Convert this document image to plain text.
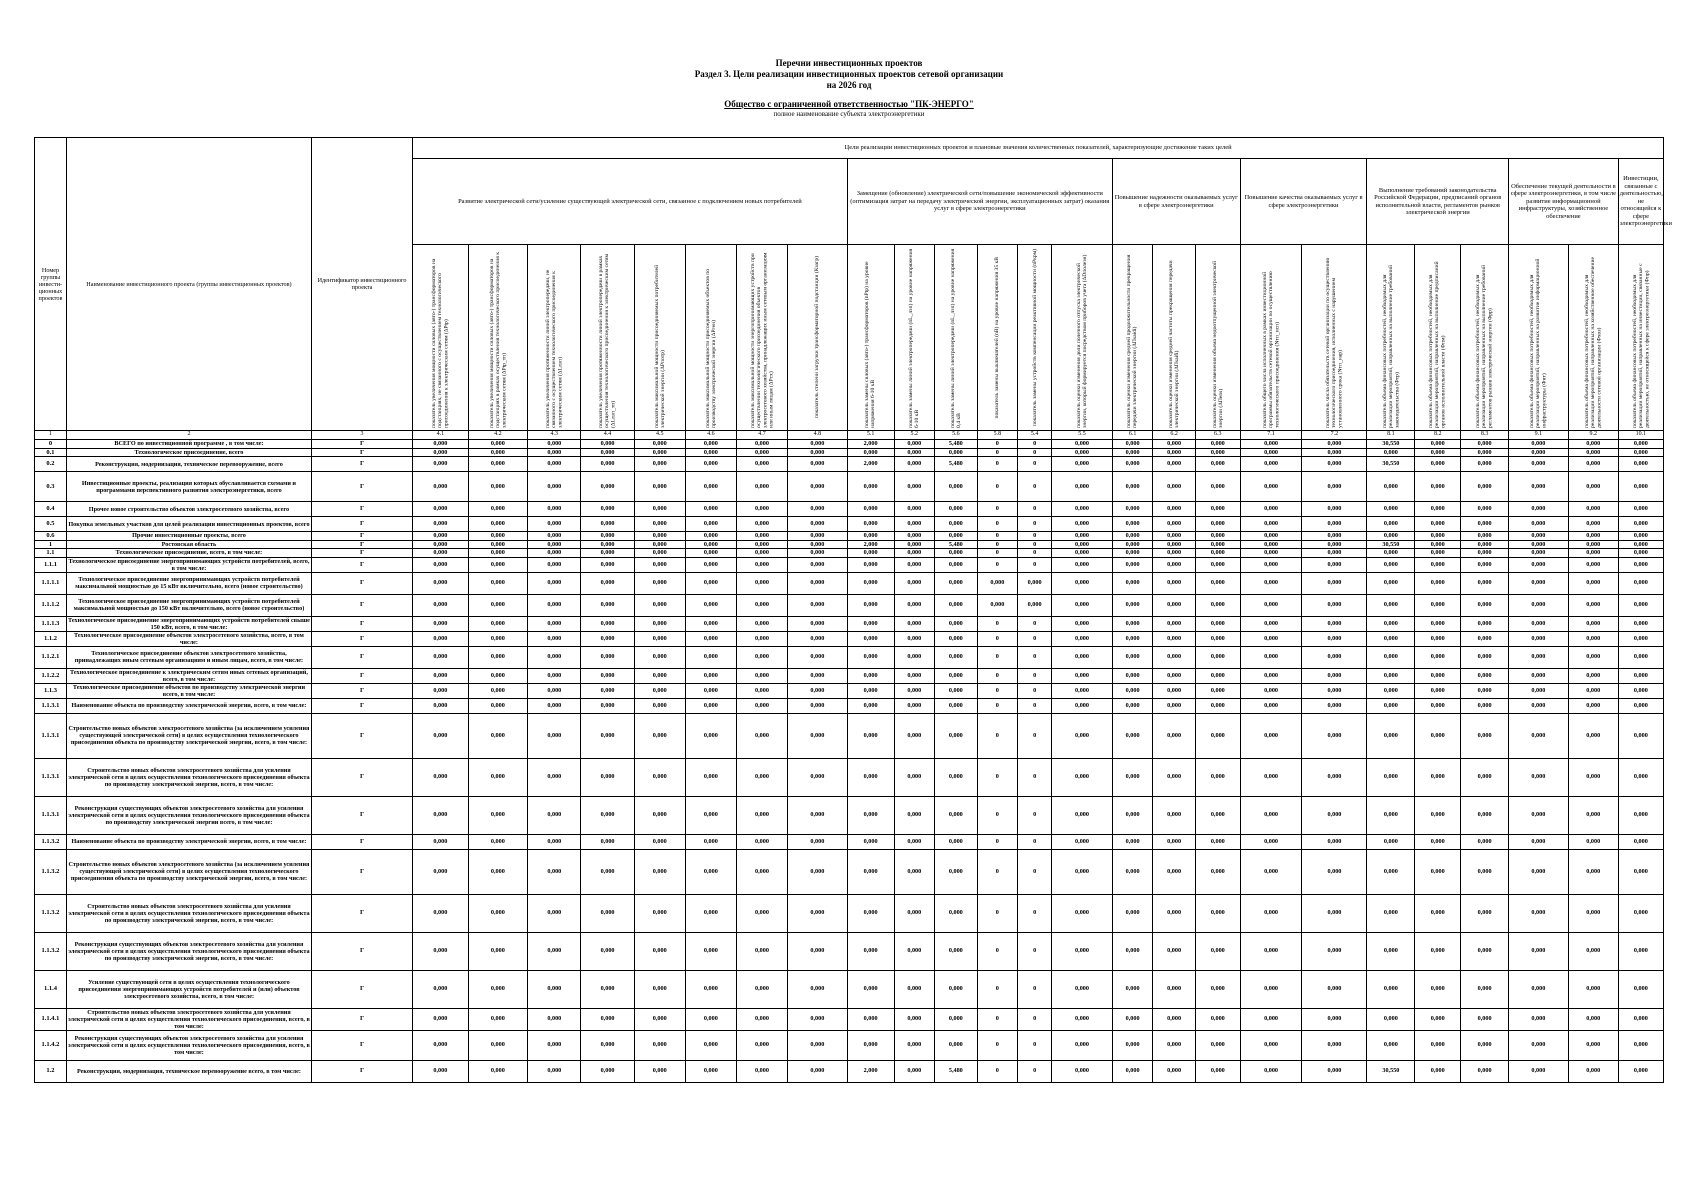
Перечни инвестиционных проектов
Раздел 3. Цели реализации инвестиционных проектов сетевой организации
на 2026 год
Общество с ограниченной ответственностью "ПК-ЭНЕРГО"
полное наименование субъекта электроэнергетики
Номер группы инвести-ционных проектов	Наименование инвестиционного проекта (группы инвестиционных проектов)	Идентификатор инвестиционного проекта	Цели реализации инвестиционных проектов и плановые значения количественных показателей, характеризующие достижение таких целей																								
			Развитие электрической сети/усиление существующей электрической сети, связанное с подключением новых потребителей								Замещение (обновление) электрической сети/повышение экономической эффективности (оптимизация затрат на передачу электрической энергии, эксплуатационных затрат) оказания услуг в сфере электроэнергетики						Повышение надежности оказываемых услуг в сфере электроэнергетики			Повышение качества оказываемых услуг в сфере электроэнергетики		Выполнение требований законодательства Российской Федерации, предписаний органов исполнительной власти, регламентов рынков электрической энергии			Обеспечение текущей деятельности в сфере электроэнергетики, в том числе развитие информационной инфраструктуры, хозяйственное обеспечение		Инвестиции, связанные с деятельностью, не относящейся к сфере электроэнергетики

			показатель увеличения мощности силовых (авто-) трансформаторов на подстанциях, не связанного с осуществлением технологического присоединения к электрическим сетям (ΔPtр)	показатель увеличения мощности силовых (авто-) трансформаторов на подстанциях в рамках осуществления технологического присоединения к электрическим сетям (ΔPtр_тп)	показатель увеличения протяженности линий электропередачи, не связанного с осуществлением технологического присоединения к электрическим сетям (ΔLлэп)	показатель увеличения протяженности линий электропередачи в рамках осуществления технологического присоединения к электрическим сетям (ΔLлэп_тп)	показатель максимальной мощности присоединяемых потребителей электрической энергии (ΔPпотр)	показатель максимальной мощности присоединяемых объектов по производству электрической энергии (ΔPген)	показатель максимальной мощности энергопринимающих устройств при осуществлении технологического присоединения объектов электросетевого хозяйства, принадлежащих иным сетевым организациям или иным лицам (ΔPсх)	показатель степени загрузки трансформаторной подстанции (Кзагр)	показатель замены силовых (авто-) трансформаторов (nPtр) на уровне напряжения 6-10 кВ	показатель замены линий электропередачи (nL_лэп) на уровне напряжения 6-10 кВ	показатель замены линий электропередачи (nL_лэп) на уровне напряжения 0,4 кВ	показатель замены выключателей (nВ) на уровне напряжения 35 кВ	показатель замены устройств компенсации реактивной мощности (nPкрм)	показатель оценки изменения доли полезного отпуска электрической энергии, который формируется посредством приборов учета (ΔDполезн)	показатель оценки изменения средней продолжительности прекращения передачи электрической энергии (ΔПsaidi)	показатель оценки изменения средней частоты прекращения передачи электрической энергии (ΔПsaifi)	показатель оценки изменения объема недоотпущенной электрической энергии (ΔПens)	показатель общего числа исполненных в рамках инвестиционной программы обязательств сетевой организации по осуществлению технологического присоединения (Nтп_исп)	показатель числа обязательств сетевой организации по осуществлению технологического присоединения, исполненных с нарушением установленного срока (Nтп_нар)	показатель объема финансовых потребностей, необходимых для реализации мероприятий, направленных на выполнение требований законодательства (Фтр)	показатель объема финансовых потребностей, необходимых для реализации мероприятий, направленных на выполнение предписаний органов исполнительной власти (Фпм)	показатель объема финансовых потребностей, необходимых для реализации мероприятий, направленных на выполнение требований регламентов рынков электрической энергии (Фрр)	показатель объема финансовых потребностей, необходимых для реализации мероприятий, направленных на развитие информационной инфраструктуры (Фит)	показатель объема финансовых потребностей, необходимых для реализации мероприятий, направленных на хозяйственное обеспечение деятельности сетевой организации (Фхоз)	показатель объема финансовых потребностей, необходимых для реализации мероприятий, направленных на инвестиции, связанные с деятельностью, не относящейся к сфере электроэнергетики (Фпр)

1	2	3	4.1	4.2	4.3	4.4	4.5	4.6	4.7	4.8	5.1	5.2	5.6	5.8	5.4	5.5	6.1	6.2	6.3	7.1	7.2	8.1	8.2	8.3	9.1	9.2	10.1
0	ВСЕГО по инвестиционной программе , в том числе:	Г	0,000	0,000	0,000	0,000	0,000	0,000	0,000	0,000	2,000	0,000	5,480	0	0	0,000	0,000	0,000	0,000	0,000	0,000	30,550	0,000	0,000	0,000	0,000	0,000
0.1	Технологическое присоединение, всего	Г	0,000	0,000	0,000	0,000	0,000	0,000	0,000	0,000	0,000	0,000	0,000	0	0	0,000	0,000	0,000	0,000	0,000	0,000	0,000	0,000	0,000	0,000	0,000	0,000
0.2	Реконструкция, модернизация, техническое перевооружение, всего	Г	0,000	0,000	0,000	0,000	0,000	0,000	0,000	0,000	2,000	0,000	5,480	0	0	0,000	0,000	0,000	0,000	0,000	0,000	30,550	0,000	0,000	0,000	0,000	0,000
0.3	Инвестиционные проекты, реализация которых обуславливается схемами и программами перспективного развития электроэнергетики, всего	Г	0,000	0,000	0,000	0,000	0,000	0,000	0,000	0,000	0,000	0,000	0,000	0	0	0,000	0,000	0,000	0,000	0,000	0,000	0,000	0,000	0,000	0,000	0,000	0,000
0.4	Прочее новое строительство объектов электросетевого хозяйства, всего	Г	0,000	0,000	0,000	0,000	0,000	0,000	0,000	0,000	0,000	0,000	0,000	0	0	0,000	0,000	0,000	0,000	0,000	0,000	0,000	0,000	0,000	0,000	0,000	0,000
0.5	Покупка земельных участков для целей реализации инвестиционных проектов, всего	Г	0,000	0,000	0,000	0,000	0,000	0,000	0,000	0,000	0,000	0,000	0,000	0	0	0,000	0,000	0,000	0,000	0,000	0,000	0,000	0,000	0,000	0,000	0,000	0,000
0.6	Прочие инвестиционные проекты, всего	Г	0,000	0,000	0,000	0,000	0,000	0,000	0,000	0,000	0,000	0,000	0,000	0	0	0,000	0,000	0,000	0,000	0,000	0,000	0,000	0,000	0,000	0,000	0,000	0,000
1	Ростовская область	Г	0,000	0,000	0,000	0,000	0,000	0,000	0,000	0,000	2,000	0,000	5,480	0	0	0,000	0,000	0,000	0,000	0,000	0,000	30,550	0,000	0,000	0,000	0,000	0,000
1.1	Технологическое присоединение, всего, в том числе:	Г	0,000	0,000	0,000	0,000	0,000	0,000	0,000	0,000	0,000	0,000	0,000	0	0	0,000	0,000	0,000	0,000	0,000	0,000	0,000	0,000	0,000	0,000	0,000	0,000
1.1.1	Технологическое присоединение энергопринимающих устройств потребителей, всего, в том числе:	Г	0,000	0,000	0,000	0,000	0,000	0,000	0,000	0,000	0,000	0,000	0,000	0	0	0,000	0,000	0,000	0,000	0,000	0,000	0,000	0,000	0,000	0,000	0,000	0,000
1.1.1.1	Технологическое присоединение энергопринимающих устройств потребителей максимальной мощностью до 15 кВт включительно, всего (новое строительство)	Г	0,000	0,000	0,000	0,000	0,000	0,000	0,000	0,000	0,000	0,000	0,000	0,000	0,000	0,000	0,000	0,000	0,000	0,000	0,000	0,000	0,000	0,000	0,000	0,000	0,000
1.1.1.2	Технологическое присоединение энергопринимающих устройств потребителей максимальной мощностью до 150 кВт включительно, всего (новое строительство)	Г	0,000	0,000	0,000	0,000	0,000	0,000	0,000	0,000	0,000	0,000	0,000	0,000	0,000	0,000	0,000	0,000	0,000	0,000	0,000	0,000	0,000	0,000	0,000	0,000	0,000
1.1.1.3	Технологическое присоединение энергопринимающих устройств потребителей свыше 150 кВт, всего, в том числе:	Г	0,000	0,000	0,000	0,000	0,000	0,000	0,000	0,000	0,000	0,000	0,000	0	0	0,000	0,000	0,000	0,000	0,000	0,000	0,000	0,000	0,000	0,000	0,000	0,000
1.1.2	Технологическое присоединение объектов электросетевого хозяйства, всего, в том числе:	Г	0,000	0,000	0,000	0,000	0,000	0,000	0,000	0,000	0,000	0,000	0,000	0	0	0,000	0,000	0,000	0,000	0,000	0,000	0,000	0,000	0,000	0,000	0,000	0,000
1.1.2.1	Технологическое присоединение объектов электросетевого хозяйства, принадлежащих иным сетевым организациям и иным лицам, всего, в том числе:	Г	0,000	0,000	0,000	0,000	0,000	0,000	0,000	0,000	0,000	0,000	0,000	0	0	0,000	0,000	0,000	0,000	0,000	0,000	0,000	0,000	0,000	0,000	0,000	0,000
1.1.2.2	Технологическое присоединение к электрическим сетям иных сетевых организаций, всего, в том числе:	Г	0,000	0,000	0,000	0,000	0,000	0,000	0,000	0,000	0,000	0,000	0,000	0	0	0,000	0,000	0,000	0,000	0,000	0,000	0,000	0,000	0,000	0,000	0,000	0,000
1.1.3	Технологическое присоединение объектов по производству электрической энергии всего, в том числе:	Г	0,000	0,000	0,000	0,000	0,000	0,000	0,000	0,000	0,000	0,000	0,000	0	0	0,000	0,000	0,000	0,000	0,000	0,000	0,000	0,000	0,000	0,000	0,000	0,000
1.1.3.1	Наименование объекта по производству электрической энергии, всего, в том числе:	Г	0,000	0,000	0,000	0,000	0,000	0,000	0,000	0,000	0,000	0,000	0,000	0	0	0,000	0,000	0,000	0,000	0,000	0,000	0,000	0,000	0,000	0,000	0,000	0,000
1.1.3.1	Строительство новых объектов электросетевого хозяйства (за исключением усиления существующей электрической сети) в целях осуществления технологического присоединения объекта по производству электрической энергии, всего, в том числе:	Г	0,000	0,000	0,000	0,000	0,000	0,000	0,000	0,000	0,000	0,000	0,000	0	0	0,000	0,000	0,000	0,000	0,000	0,000	0,000	0,000	0,000	0,000	0,000	0,000
1.1.3.1	Строительство новых объектов электросетевого хозяйства для усиления электрической сети в целях осуществления технологического присоединения объекта по производству электрической энергии, всего, в том числе:	Г	0,000	0,000	0,000	0,000	0,000	0,000	0,000	0,000	0,000	0,000	0,000	0	0	0,000	0,000	0,000	0,000	0,000	0,000	0,000	0,000	0,000	0,000	0,000	0,000
1.1.3.1	Реконструкция существующих объектов электросетевого хозяйства для усиления электрической сети в целях осуществления технологического присоединения объекта по производству электрической энергии всего, в том числе:	Г	0,000	0,000	0,000	0,000	0,000	0,000	0,000	0,000	0,000	0,000	0,000	0	0	0,000	0,000	0,000	0,000	0,000	0,000	0,000	0,000	0,000	0,000	0,000	0,000
1.1.3.2	Наименование объекта по производству электрической энергии, всего, в том числе:	Г	0,000	0,000	0,000	0,000	0,000	0,000	0,000	0,000	0,000	0,000	0,000	0	0	0,000	0,000	0,000	0,000	0,000	0,000	0,000	0,000	0,000	0,000	0,000	0,000
1.1.3.2	Строительство новых объектов электросетевого хозяйства (за исключением усиления существующей электрической сети) в целях осуществления технологического присоединения объекта по производству электрической энергии, всего, в том числе:	Г	0,000	0,000	0,000	0,000	0,000	0,000	0,000	0,000	0,000	0,000	0,000	0	0	0,000	0,000	0,000	0,000	0,000	0,000	0,000	0,000	0,000	0,000	0,000	0,000
1.1.3.2	Строительство новых объектов электросетевого хозяйства для усиления электрической сети в целях осуществления технологического присоединения объекта по производству электрической энергии, всего, в том числе:	Г	0,000	0,000	0,000	0,000	0,000	0,000	0,000	0,000	0,000	0,000	0,000	0	0	0,000	0,000	0,000	0,000	0,000	0,000	0,000	0,000	0,000	0,000	0,000	0,000
1.1.3.2	Реконструкция существующих объектов электросетевого хозяйства для усиления электрической сети в целях осуществления технологического присоединения объекта по производству электрической энергии, всего, в том числе:	Г	0,000	0,000	0,000	0,000	0,000	0,000	0,000	0,000	0,000	0,000	0,000	0	0	0,000	0,000	0,000	0,000	0,000	0,000	0,000	0,000	0,000	0,000	0,000	0,000
1.1.4	Усиление существующей сети в целях осуществления технологического присоединения энергопринимающих устройств потребителей и (или) объектов электросетевого хозяйства, всего, в том числе:	Г	0,000	0,000	0,000	0,000	0,000	0,000	0,000	0,000	0,000	0,000	0,000	0	0	0,000	0,000	0,000	0,000	0,000	0,000	0,000	0,000	0,000	0,000	0,000	0,000
1.1.4.1	Строительство новых объектов электросетевого хозяйства для усиления электрической сети в целях осуществления технологического присоединения, всего, в том числе:	Г	0,000	0,000	0,000	0,000	0,000	0,000	0,000	0,000	0,000	0,000	0,000	0	0	0,000	0,000	0,000	0,000	0,000	0,000	0,000	0,000	0,000	0,000	0,000	0,000
1.1.4.2	Реконструкция существующих объектов электросетевого хозяйства для усиления электрической сети в целях осуществления технологического присоединения, всего, в том числе:	Г	0,000	0,000	0,000	0,000	0,000	0,000	0,000	0,000	0,000	0,000	0,000	0	0	0,000	0,000	0,000	0,000	0,000	0,000	0,000	0,000	0,000	0,000	0,000	0,000
1.2	Реконструкция, модернизация, техническое перевооружение всего, в том числе:	Г	0,000	0,000	0,000	0,000	0,000	0,000	0,000	0,000	2,000	0,000	5,480	0	0	0,000	0,000	0,000	0,000	0,000	0,000	30,550	0,000	0,000	0,000	0,000	0,000
